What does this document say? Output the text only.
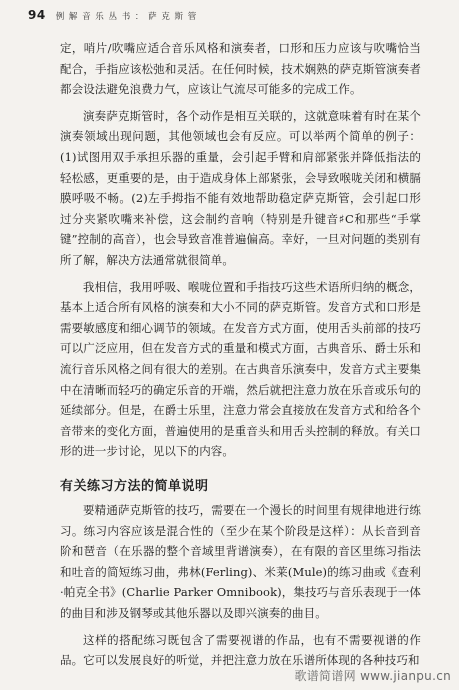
94 例 解 音 乐 丛 书 ： 萨 克 斯 管

定，哨片/吹嘴应适合音乐风格和演奏者，口形和压力应该与吹嘴恰当配合，手指应该松弛和灵活。在任何时候，技术娴熟的萨克斯管演奏者都会设法避免浪费力气，应该让气流尽可能多的完成工作。

演奏萨克斯管时，各个动作是相互关联的，这就意味着有时在某个演奏领域出现问题，其他领域也会有反应。可以举两个简单的例子：(1)试图用双手承担乐器的重量，会引起手臂和肩部紧张并降低指法的轻松感，更重要的是，由于造成身体上部紧张，会导致喉咙关闭和横膈膜呼吸不畅。(2)左手拇指不能有效地帮助稳定萨克斯管，会引起口形过分夹紧吹嘴来补偿，这会制约音响（特别是升键音♯C和那些“手掌键”控制的高音），也会导致音准普遍偏高。幸好，一旦对问题的类别有所了解，解决方法通常就很简单。

我相信，我用呼吸、喉咙位置和手指技巧这些术语所归纳的概念，基本上适合所有风格的演奏和大小不同的萨克斯管。发音方式和口形是需要敏感度和细心调节的领域。在发音方式方面，使用舌头前部的技巧可以广泛应用，但在发音方式的重量和模式方面，古典音乐、爵士乐和流行音乐风格之间有很大的差别。在古典音乐演奏中，发音方式主要集中在清晰而轻巧的确定乐音的开端，然后就把注意力放在乐音或乐句的延续部分。但是，在爵士乐里，注意力常会直接放在发音方式和给各个音带来的变化方面，普遍使用的是重音头和用舌头控制的释放。有关口形的进一步讨论，见以下的内容。

有关练习方法的简单说明

要精通萨克斯管的技巧，需要在一个漫长的时间里有规律地进行练习。练习内容应该是混合性的（至少在某个阶段是这样）：从长音到音阶和琶音（在乐器的整个音域里背谱演奏），在有限的音区里练习指法和吐音的简短练习曲，弗林(Ferling)、米莱(Mule)的练习曲或《查利·帕克全书》(Charlie Parker Omnibook)，集技巧与音乐表现于一体的曲目和涉及钢琴或其他乐器以及即兴演奏的曲目。

这样的搭配练习既包含了需要视谱的作品，也有不需要视谱的作品。它可以发展良好的听觉，并把注意力放在乐谱所体现的各种技巧和

歌谱简谱网 www.jianpu.cn
